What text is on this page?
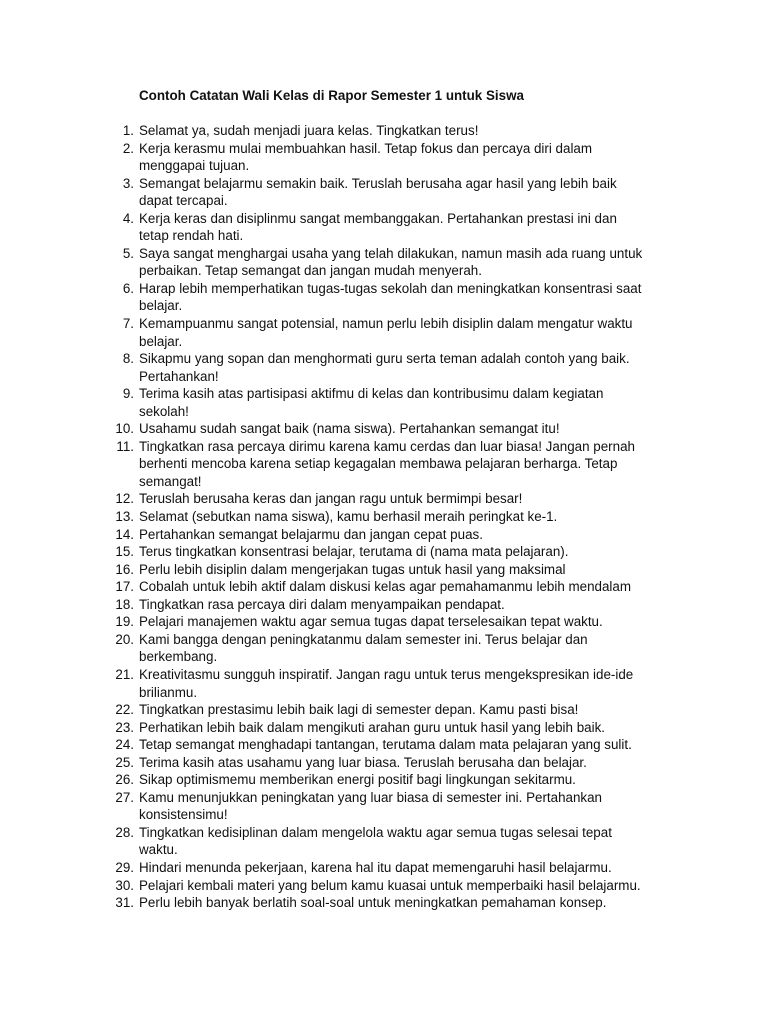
Contoh Catatan Wali Kelas di Rapor Semester 1 untuk Siswa
1. Selamat ya, sudah menjadi juara kelas. Tingkatkan terus!
2. Kerja kerasmu mulai membuahkan hasil. Tetap fokus dan percaya diri dalam
menggapai tujuan.
3. Semangat belajarmu semakin baik. Teruslah berusaha agar hasil yang lebih baik
dapat tercapai.
4. Kerja keras dan disiplinmu sangat membanggakan. Pertahankan prestasi ini dan
tetap rendah hati.
5. Saya sangat menghargai usaha yang telah dilakukan, namun masih ada ruang untuk
perbaikan. Tetap semangat dan jangan mudah menyerah.
6. Harap lebih memperhatikan tugas-tugas sekolah dan meningkatkan konsentrasi saat
belajar.
7. Kemampuanmu sangat potensial, namun perlu lebih disiplin dalam mengatur waktu
belajar.
8. Sikapmu yang sopan dan menghormati guru serta teman adalah contoh yang baik.
Pertahankan!
9. Terima kasih atas partisipasi aktifmu di kelas dan kontribusimu dalam kegiatan
sekolah!
10. Usahamu sudah sangat baik (nama siswa). Pertahankan semangat itu!
11. Tingkatkan rasa percaya dirimu karena kamu cerdas dan luar biasa! Jangan pernah
berhenti mencoba karena setiap kegagalan membawa pelajaran berharga. Tetap
semangat!
12. Teruslah berusaha keras dan jangan ragu untuk bermimpi besar!
13. Selamat (sebutkan nama siswa), kamu berhasil meraih peringkat ke-1.
14. Pertahankan semangat belajarmu dan jangan cepat puas.
15. Terus tingkatkan konsentrasi belajar, terutama di (nama mata pelajaran).
16. Perlu lebih disiplin dalam mengerjakan tugas untuk hasil yang maksimal
17. Cobalah untuk lebih aktif dalam diskusi kelas agar pemahamanmu lebih mendalam
18. Tingkatkan rasa percaya diri dalam menyampaikan pendapat.
19. Pelajari manajemen waktu agar semua tugas dapat terselesaikan tepat waktu.
20. Kami bangga dengan peningkatanmu dalam semester ini. Terus belajar dan
berkembang.
21. Kreativitasmu sungguh inspiratif. Jangan ragu untuk terus mengekspresikan ide-ide
brilianmu.
22. Tingkatkan prestasimu lebih baik lagi di semester depan. Kamu pasti bisa!
23. Perhatikan lebih baik dalam mengikuti arahan guru untuk hasil yang lebih baik.
24. Tetap semangat menghadapi tantangan, terutama dalam mata pelajaran yang sulit.
25. Terima kasih atas usahamu yang luar biasa. Teruslah berusaha dan belajar.
26. Sikap optimismemu memberikan energi positif bagi lingkungan sekitarmu.
27. Kamu menunjukkan peningkatan yang luar biasa di semester ini. Pertahankan
konsistensimu!
28. Tingkatkan kedisiplinan dalam mengelola waktu agar semua tugas selesai tepat
waktu.
29. Hindari menunda pekerjaan, karena hal itu dapat memengaruhi hasil belajarmu.
30. Pelajari kembali materi yang belum kamu kuasai untuk memperbaiki hasil belajarmu.
31. Perlu lebih banyak berlatih soal-soal untuk meningkatkan pemahaman konsep.
